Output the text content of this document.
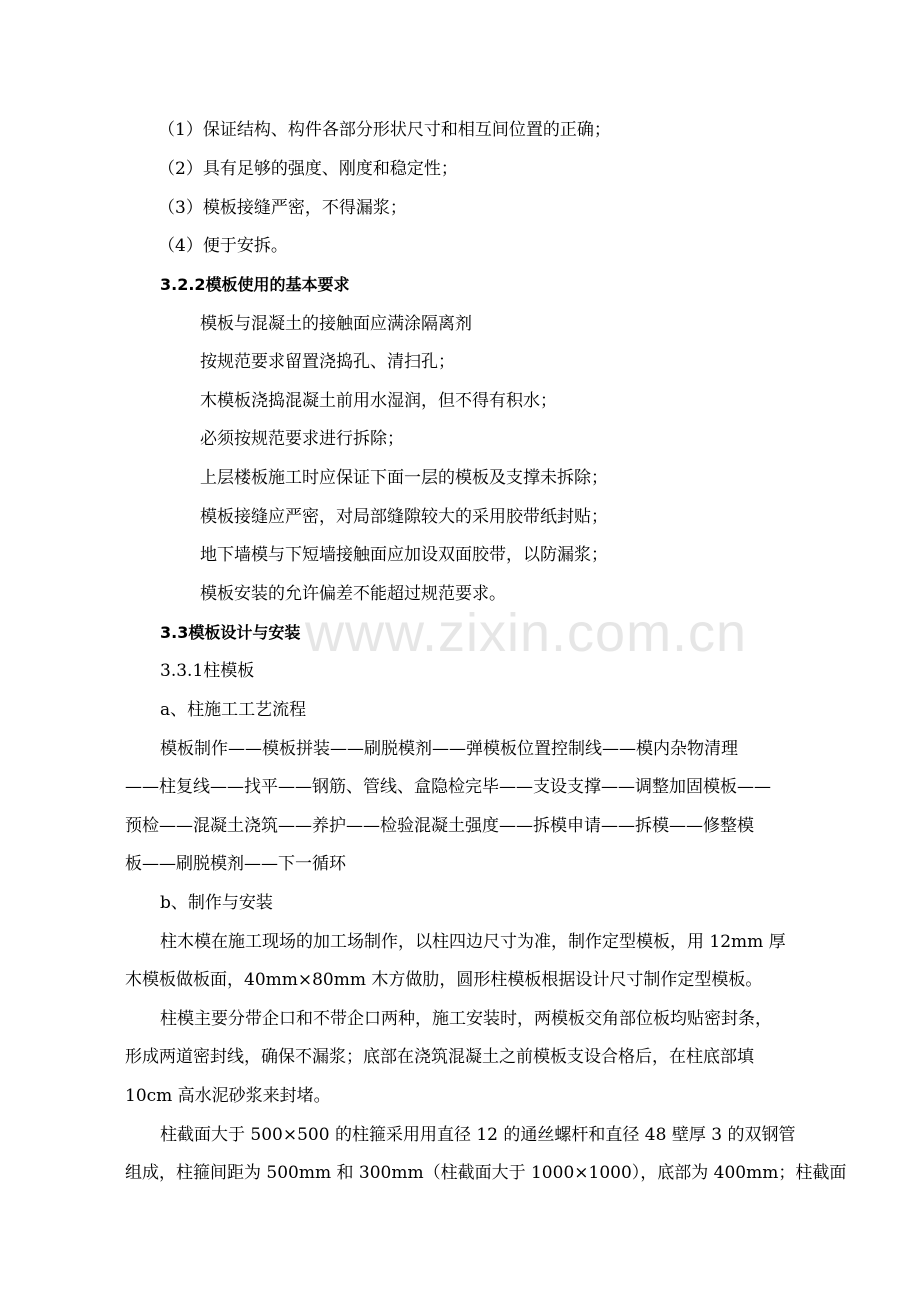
www.zixin.com.cn
（1）保证结构、构件各部分形状尺寸和相互间位置的正确；
（2）具有足够的强度、刚度和稳定性；
（3）模板接缝严密，不得漏浆；
（4）便于安拆。
3.2.2模板使用的基本要求
模板与混凝土的接触面应满涂隔离剂
按规范要求留置浇捣孔、清扫孔；
木模板浇捣混凝土前用水湿润，但不得有积水；
必须按规范要求进行拆除；
上层楼板施工时应保证下面一层的模板及支撑未拆除；
模板接缝应严密，对局部缝隙较大的采用胶带纸封贴；
地下墙模与下短墙接触面应加设双面胶带，以防漏浆；
模板安装的允许偏差不能超过规范要求。
3.3模板设计与安装
3.3.1柱模板
a、柱施工工艺流程
模板制作——模板拼装——刷脱模剂——弹模板位置控制线——模内杂物清理
——柱复线——找平——钢筋、管线、盒隐检完毕——支设支撑——调整加固模板——
预检——混凝土浇筑——养护——检验混凝土强度——拆模申请——拆模——修整模
板——刷脱模剂——下一循环
b、制作与安装
柱木模在施工现场的加工场制作，以柱四边尺寸为准，制作定型模板，用 12mm 厚
木模板做板面，40mm×80mm 木方做肋，圆形柱模板根据设计尺寸制作定型模板。
柱模主要分带企口和不带企口两种，施工安装时，两模板交角部位板均贴密封条，
形成两道密封线，确保不漏浆；底部在浇筑混凝土之前模板支设合格后，在柱底部填
10cm 高水泥砂浆来封堵。
柱截面大于 500×500 的柱箍采用用直径 12 的通丝螺杆和直径 48 壁厚 3 的双钢管
组成，柱箍间距为 500mm 和 300mm（柱截面大于 1000×1000），底部为 400mm；柱截面
